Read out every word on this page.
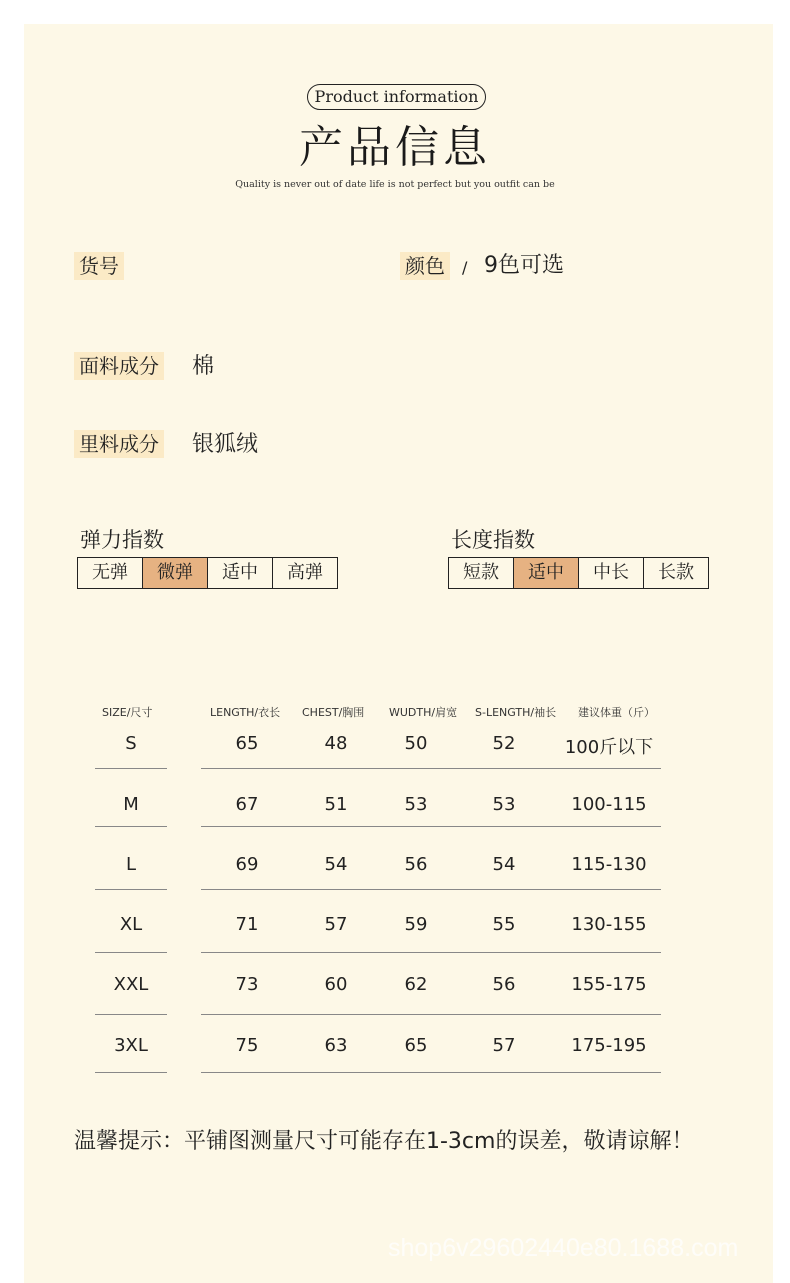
Product information
产品信息
Quality is never out of date life is not perfect but you outfit can be
货号	颜色	/ 9色可选
面料成分 棉
里料成分 银狐绒
弹力指数
无弹	微弹	适中	高弹
长度指数
短款	适中	中长	长款
SIZE/尺寸	LENGTH/衣长 CHEST/胸围 WUDTH/肩宽 S-LENGTH/袖长 建议体重（斤）
S	65	48	50	52	100斤以下
M	67	51	53	53	100-115
L	69	54	56	54	115-130
XL	71	57	59	55	130-155
XXL	73	60	62	56	155-175
3XL	75	63	65	57	175-195
温馨提示：平铺图测量尺寸可能存在1-3cm的误差，敬请谅解！
shop6v29602440e80.1688.com
